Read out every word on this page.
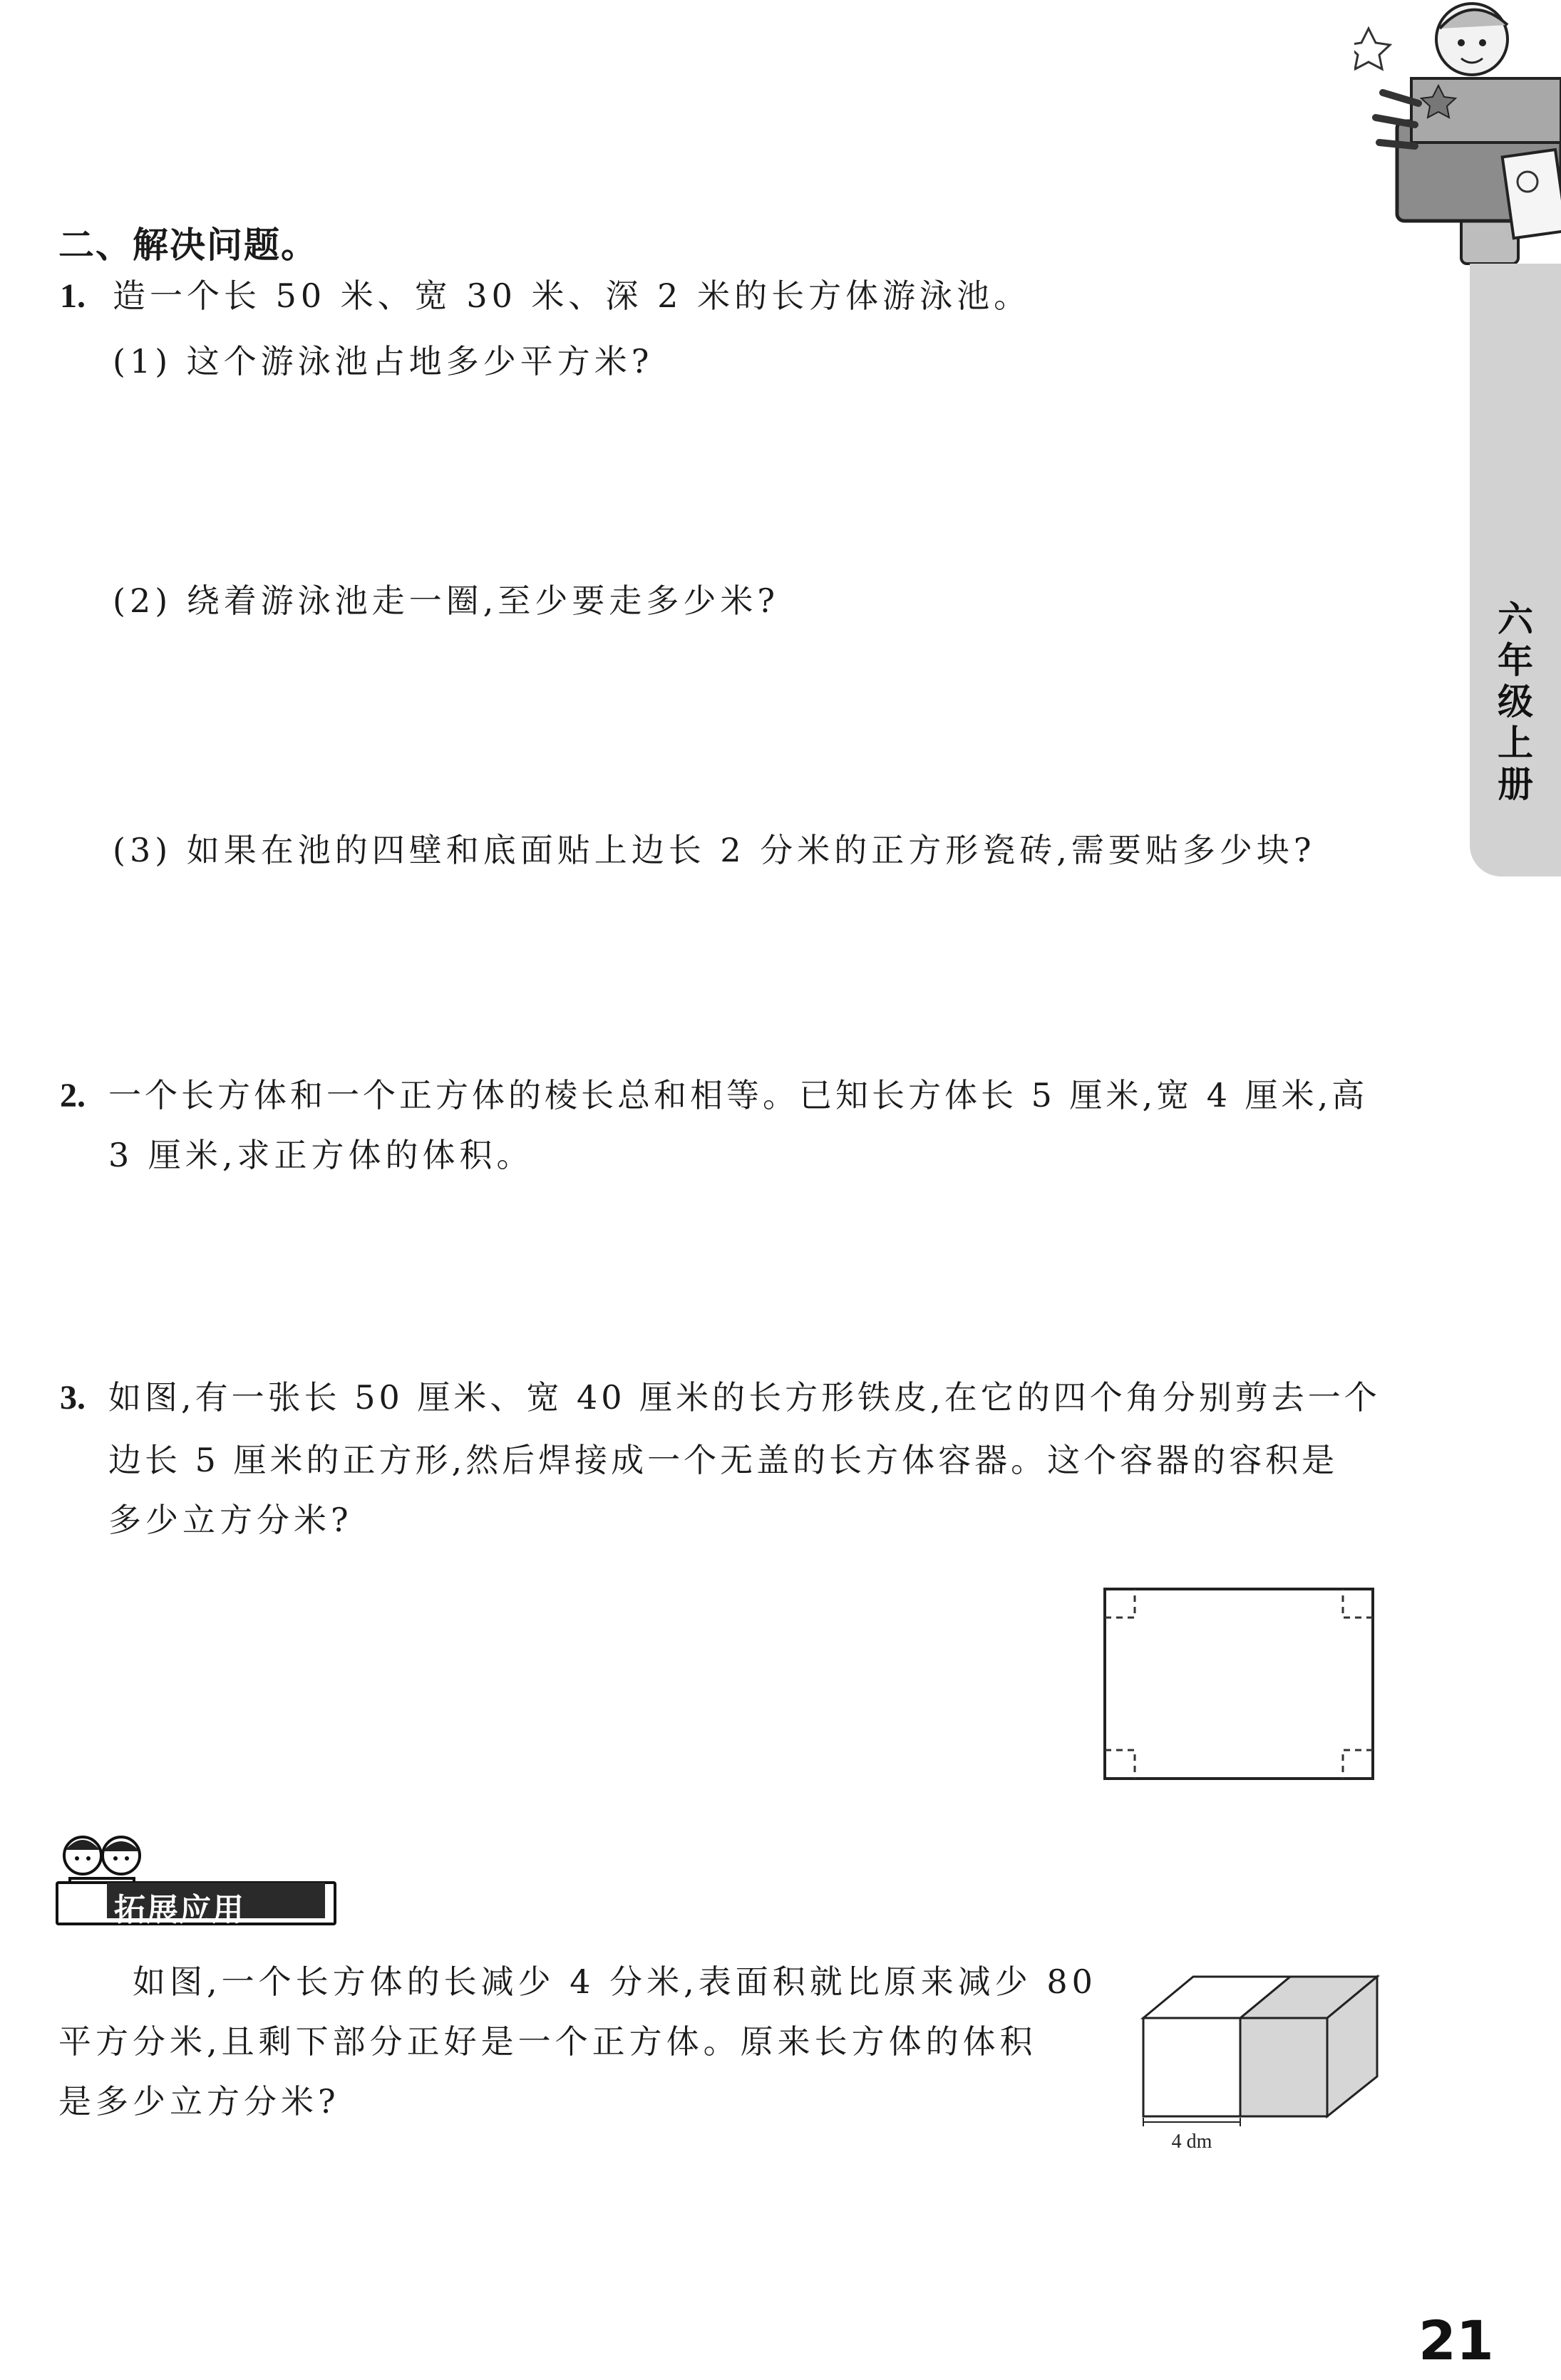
六
年
级
上
册
二、解决问题。
1. 造一个长 50 米、宽 30 米、深 2 米的长方体游泳池。
(1) 这个游泳池占地多少平方米?
(2) 绕着游泳池走一圈,至少要走多少米?
(3) 如果在池的四壁和底面贴上边长 2 分米的正方形瓷砖,需要贴多少块?
2. 一个长方体和一个正方体的棱长总和相等。已知长方体长 5 厘米,宽 4 厘米,高
3 厘米,求正方体的体积。
3. 如图,有一张长 50 厘米、宽 40 厘米的长方形铁皮,在它的四个角分别剪去一个
边长 5 厘米的正方形,然后焊接成一个无盖的长方体容器。这个容器的容积是
多少立方分米?
拓展应用
如图,一个长方体的长减少 4 分米,表面积就比原来减少 80
平方分米,且剩下部分正好是一个正方体。原来长方体的体积
是多少立方分米?
4 dm
21
